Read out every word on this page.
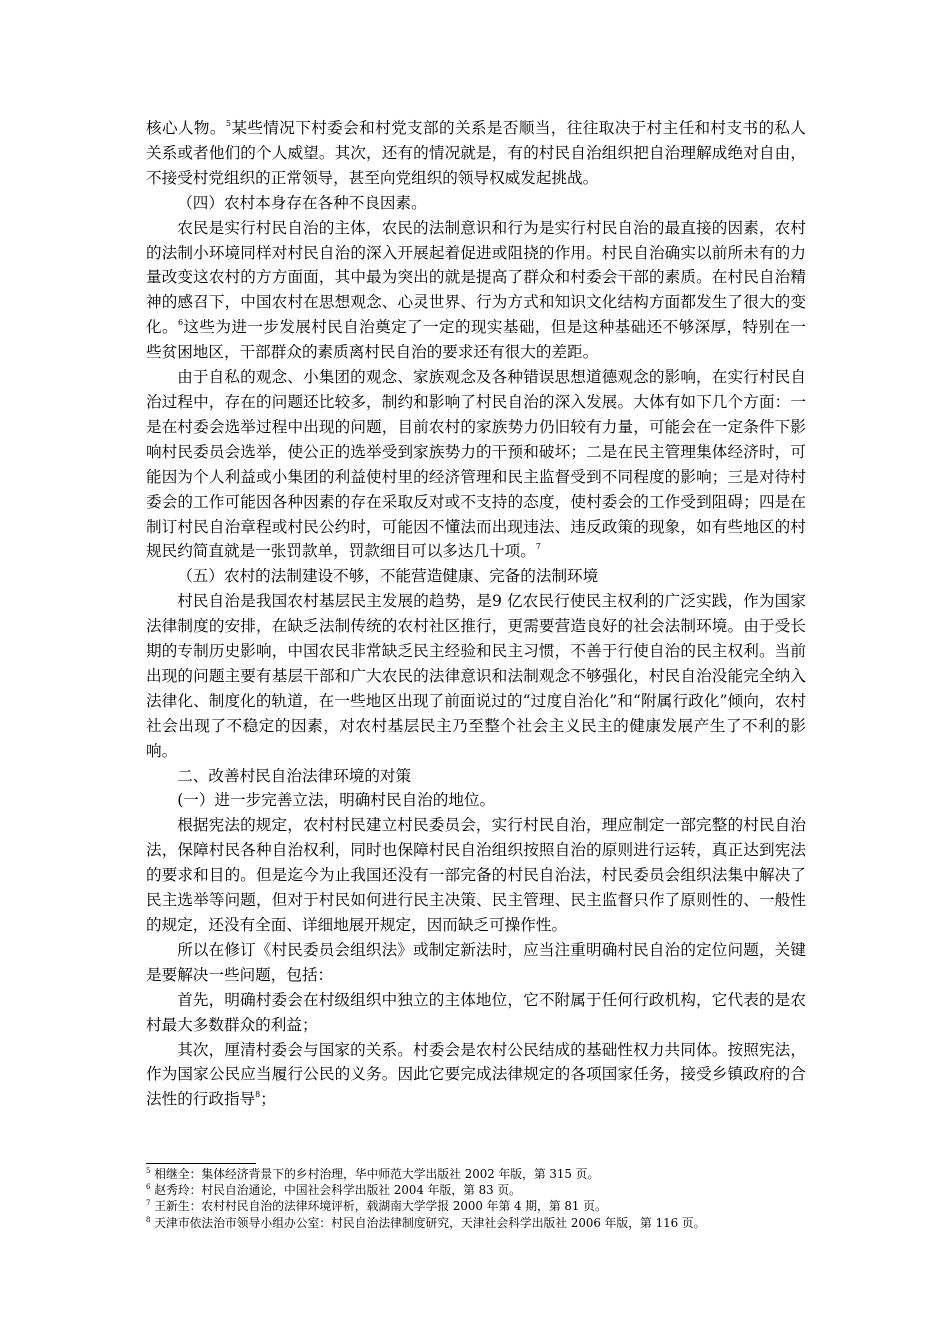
核心人物。$^5$某些情况下村委会和村党支部的关系是否顺当，往往取决于村主任和村支书的私人关系或者他们的个人威望。其次，还有的情况就是，有的村民自治组织把自治理解成绝对自由，不接受村党组织的正常领导，甚至向党组织的领导权威发起挑战。

（四）农村本身存在各种不良因素。

农民是实行村民自治的主体，农民的法制意识和行为是实行村民自治的最直接的因素，农村的法制小环境同样对村民自治的深入开展起着促进或阻挠的作用。村民自治确实以前所未有的力量改变这农村的方方面面，其中最为突出的就是提高了群众和村委会干部的素质。在村民自治精神的感召下，中国农村在思想观念、心灵世界、行为方式和知识文化结构方面都发生了很大的变化。$^6$这些为进一步发展村民自治奠定了一定的现实基础，但是这种基础还不够深厚，特别在一些贫困地区，干部群众的素质离村民自治的要求还有很大的差距。

由于自私的观念、小集团的观念、家族观念及各种错误思想道德观念的影响，在实行村民自治过程中，存在的问题还比较多，制约和影响了村民自治的深入发展。大体有如下几个方面：一是在村委会选举过程中出现的问题，目前农村的家族势力仍旧较有力量，可能会在一定条件下影响村民委员会选举，使公正的选举受到家族势力的干预和破坏；二是在民主管理集体经济时，可能因为个人利益或小集团的利益使村里的经济管理和民主监督受到不同程度的影响；三是对待村委会的工作可能因各种因素的存在采取反对或不支持的态度，使村委会的工作受到阻碍；四是在制订村民自治章程或村民公约时，可能因不懂法而出现违法、违反政策的现象，如有些地区的村规民约简直就是一张罚款单，罚款细目可以多达几十项。$^7$

（五）农村的法制建设不够，不能营造健康、完备的法制环境

村民自治是我国农村基层民主发展的趋势，是9 亿农民行使民主权利的广泛实践，作为国家法律制度的安排，在缺乏法制传统的农村社区推行，更需要营造良好的社会法制环境。由于受长期的专制历史影响，中国农民非常缺乏民主经验和民主习惯，不善于行使自治的民主权利。当前出现的问题主要有基层干部和广大农民的法律意识和法制观念不够强化，村民自治没能完全纳入法律化、制度化的轨道，在一些地区出现了前面说过的“过度自治化”和“附属行政化”倾向，农村社会出现了不稳定的因素，对农村基层民主乃至整个社会主义民主的健康发展产生了不利的影响。

二、改善村民自治法律环境的对策

(一）进一步完善立法，明确村民自治的地位。

根据宪法的规定，农村村民建立村民委员会，实行村民自治，理应制定一部完整的村民自治法，保障村民各种自治权利，同时也保障村民自治组织按照自治的原则进行运转，真正达到宪法的要求和目的。但是迄今为止我国还没有一部完备的村民自治法，村民委员会组织法集中解决了民主选举等问题，但对于村民如何进行民主决策、民主管理、民主监督只作了原则性的、一般性的规定，还没有全面、详细地展开规定，因而缺乏可操作性。

所以在修订《村民委员会组织法》或制定新法时，应当注重明确村民自治的定位问题，关键是要解决一些问题，包括：

首先，明确村委会在村级组织中独立的主体地位，它不附属于任何行政机构，它代表的是农村最大多数群众的利益；

其次，厘清村委会与国家的关系。村委会是农村公民结成的基础性权力共同体。按照宪法，作为国家公民应当履行公民的义务。因此它要完成法律规定的各项国家任务，接受乡镇政府的合法性的行政指导$^8$；

$^5$ 相继全：集体经济背景下的乡村治理，华中师范大学出版社 2002 年版，第 315 页。

$^6$ 赵秀玲：村民自治通论，中国社会科学出版社 2004 年版，第 83 页。

$^7$ 王新生：农村村民自治的法律环境评析，载湖南大学学报 2000 年第 4 期，第 81 页。

$^8$ 天津市依法治市领导小组办公室：村民自治法律制度研究，天津社会科学出版社 2006 年版，第 116 页。
